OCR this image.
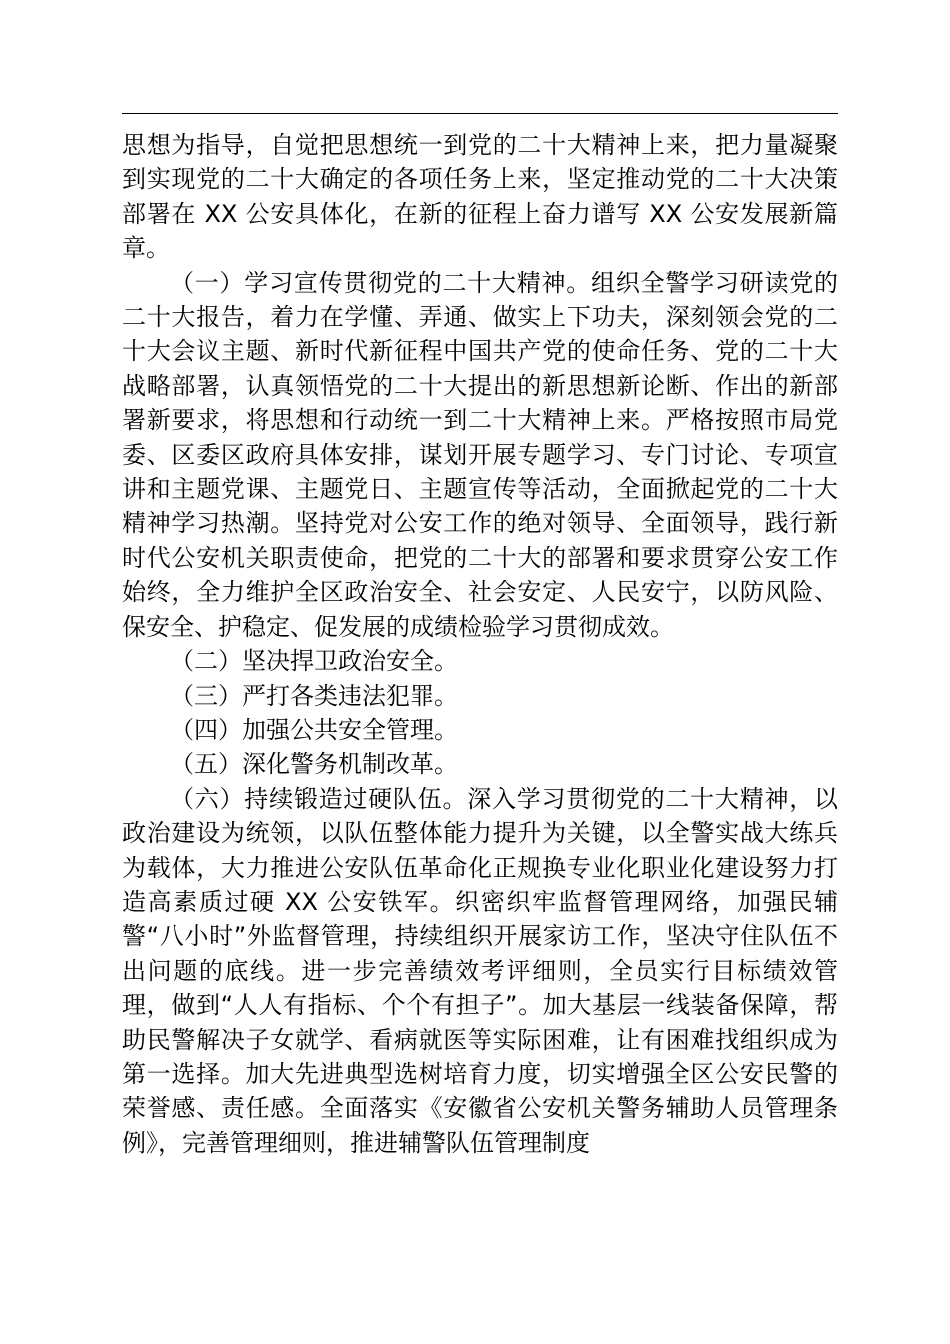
思想为指导，自觉把思想统一到党的二十大精神上来，把力量凝聚到实现党的二十大确定的各项任务上来，坚定推动党的二十大决策部署在 XX 公安具体化，在新的征程上奋力谱写 XX 公安发展新篇章。

（一）学习宣传贯彻党的二十大精神。组织全警学习研读党的二十大报告，着力在学懂、弄通、做实上下功夫，深刻领会党的二十大会议主题、新时代新征程中国共产党的使命任务、党的二十大战略部署，认真领悟党的二十大提出的新思想新论断、作出的新部署新要求，将思想和行动统一到二十大精神上来。严格按照市局党委、区委区政府具体安排，谋划开展专题学习、专门讨论、专项宣讲和主题党课、主题党日、主题宣传等活动，全面掀起党的二十大精神学习热潮。坚持党对公安工作的绝对领导、全面领导，践行新时代公安机关职责使命，把党的二十大的部署和要求贯穿公安工作始终，全力维护全区政治安全、社会安定、人民安宁，以防风险、保安全、护稳定、促发展的成绩检验学习贯彻成效。

（二）坚决捍卫政治安全。

（三）严打各类违法犯罪。

（四）加强公共安全管理。

（五）深化警务机制改革。

（六）持续锻造过硬队伍。深入学习贯彻党的二十大精神，以政治建设为统领，以队伍整体能力提升为关键，以全警实战大练兵为载体，大力推进公安队伍革命化正规换专业化职业化建设努力打造高素质过硬 XX 公安铁军。织密织牢监督管理网络，加强民辅警“八小时”外监督管理，持续组织开展家访工作，坚决守住队伍不出问题的底线。进一步完善绩效考评细则，全员实行目标绩效管理，做到“人人有指标、个个有担子”。加大基层一线装备保障，帮助民警解决子女就学、看病就医等实际困难，让有困难找组织成为第一选择。加大先进典型选树培育力度，切实增强全区公安民警的荣誉感、责任感。全面落实《安徽省公安机关警务辅助人员管理条例》，完善管理细则，推进辅警队伍管理制度
